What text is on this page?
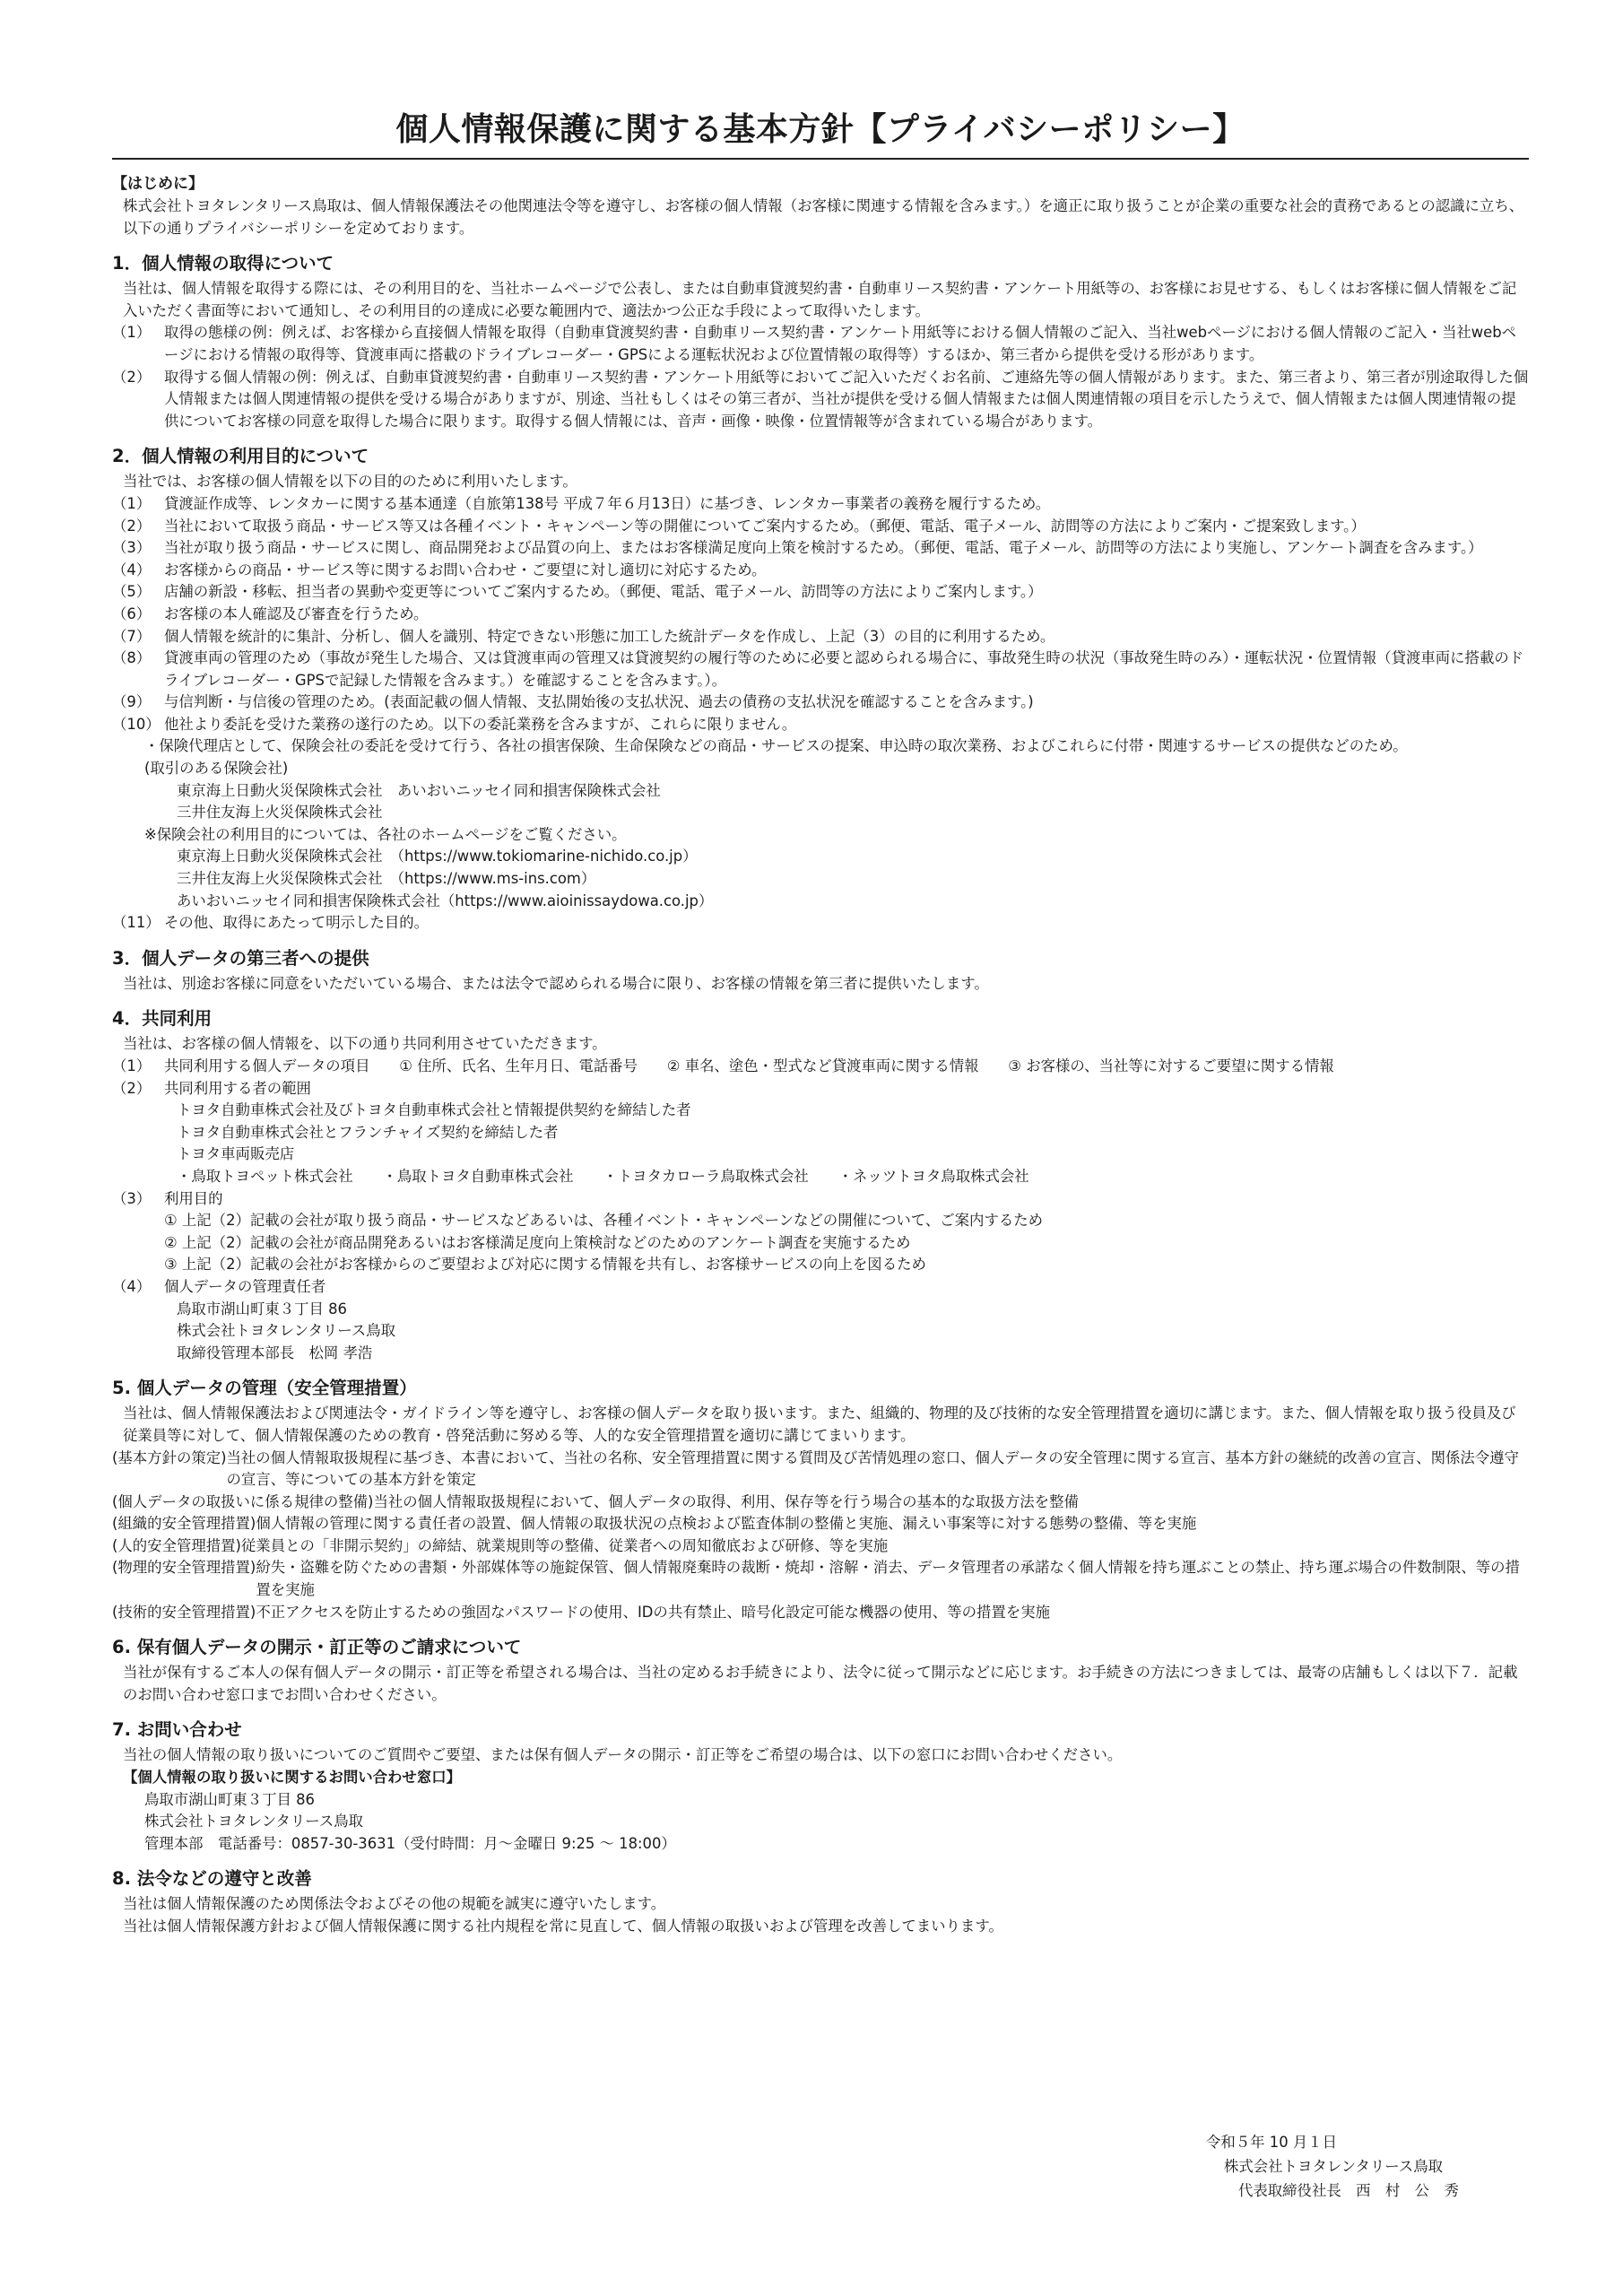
個人情報保護に関する基本方針【プライバシーポリシー】

【はじめに】

株式会社トヨタレンタリース鳥取は、個人情報保護法その他関連法令等を遵守し、お客様の個人情報（お客様に関連する情報を含みます。）を適正に取り扱うことが企業の重要な社会的責務であるとの認識に立ち、以下の通りプライバシーポリシーを定めております。

1．個人情報の取得について

当社は、個人情報を取得する際には、その利用目的を、当社ホームページで公表し、または自動車貸渡契約書・自動車リース契約書・アンケート用紙等の、お客様にお見せする、もしくはお客様に個人情報をご記入いただく書面等において通知し、その利用目的の達成に必要な範囲内で、適法かつ公正な手段によって取得いたします。

（1） 取得の態様の例：例えば、お客様から直接個人情報を取得（自動車貸渡契約書・自動車リース契約書・アンケート用紙等における個人情報のご記入、当社webページにおける個人情報のご記入・当社webページにおける情報の取得等、貸渡車両に搭載のドライブレコーダー・GPSによる運転状況および位置情報の取得等）するほか、第三者から提供を受ける形があります。
（2） 取得する個人情報の例：例えば、自動車貸渡契約書・自動車リース契約書・アンケート用紙等においてご記入いただくお名前、ご連絡先等の個人情報があります。また、第三者より、第三者が別途取得した個人情報または個人関連情報の提供を受ける場合がありますが、別途、当社もしくはその第三者が、当社が提供を受ける個人情報または個人関連情報の項目を示したうえで、個人情報または個人関連情報の提供についてお客様の同意を取得した場合に限ります。取得する個人情報には、音声・画像・映像・位置情報等が含まれている場合があります。
2．個人情報の利用目的について

当社では、お客様の個人情報を以下の目的のために利用いたします。

（1） 貸渡証作成等、レンタカーに関する基本通達（自旅第138号 平成７年６月13日）に基づき、レンタカー事業者の義務を履行するため。
（2） 当社において取扱う商品・サービス等又は各種イベント・キャンペーン等の開催についてご案内するため。（郵便、電話、電子メール、訪問等の方法によりご案内・ご提案致します。）
（3） 当社が取り扱う商品・サービスに関し、商品開発および品質の向上、またはお客様満足度向上策を検討するため。（郵便、電話、電子メール、訪問等の方法により実施し、アンケート調査を含みます。）
（4） お客様からの商品・サービス等に関するお問い合わせ・ご要望に対し適切に対応するため。
（5） 店舗の新設・移転、担当者の異動や変更等についてご案内するため。（郵便、電話、電子メール、訪問等の方法によりご案内します。）
（6） お客様の本人確認及び審査を行うため。
（7） 個人情報を統計的に集計、分析し、個人を識別、特定できない形態に加工した統計データを作成し、上記（3）の目的に利用するため。
（8） 貸渡車両の管理のため（事故が発生した場合、又は貸渡車両の管理又は貸渡契約の履行等のために必要と認められる場合に、事故発生時の状況（事故発生時のみ）・運転状況・位置情報（貸渡車両に搭載のドライブレコーダー・GPSで記録した情報を含みます。）を確認することを含みます。）。
（9） 与信判断・与信後の管理のため。(表面記載の個人情報、支払開始後の支払状況、過去の債務の支払状況を確認することを含みます。)
（10） 他社より委託を受けた業務の遂行のため。以下の委託業務を含みますが、これらに限りません。

・保険代理店として、保険会社の委託を受けて行う、各社の損害保険、生命保険などの商品・サービスの提案、申込時の取次業務、およびこれらに付帯・関連するサービスの提供などのため。

(取引のある保険会社)

東京海上日動火災保険株式会社　あいおいニッセイ同和損害保険株式会社

三井住友海上火災保険株式会社

※保険会社の利用目的については、各社のホームページをご覧ください。

東京海上日動火災保険株式会社　（https://www.tokiomarine-nichido.co.jp）

三井住友海上火災保険株式会社　（https://www.ms-ins.com）

あいおいニッセイ同和損害保険株式会社（https://www.aioinissaydowa.co.jp）

（11） その他、取得にあたって明示した目的。
3．個人データの第三者への提供

当社は、別途お客様に同意をいただいている場合、または法令で認められる場合に限り、お客様の情報を第三者に提供いたします。

4．共同利用

当社は、お客様の個人情報を、以下の通り共同利用させていただきます。

（1） 共同利用する個人データの項目　　① 住所、氏名、生年月日、電話番号　　② 車名、塗色・型式など貸渡車両に関する情報　　③ お客様の、当社等に対するご要望に関する情報
（2） 共同利用する者の範囲

トヨタ自動車株式会社及びトヨタ自動車株式会社と情報提供契約を締結した者

トヨタ自動車株式会社とフランチャイズ契約を締結した者

トヨタ車両販売店

・鳥取トヨペット株式会社　　・鳥取トヨタ自動車株式会社　　・トヨタカローラ鳥取株式会社　　・ネッツトヨタ鳥取株式会社

（3） 利用目的

① 上記（2）記載の会社が取り扱う商品・サービスなどあるいは、各種イベント・キャンペーンなどの開催について、ご案内するため

② 上記（2）記載の会社が商品開発あるいはお客様満足度向上策検討などのためのアンケート調査を実施するため

③ 上記（2）記載の会社がお客様からのご要望および対応に関する情報を共有し、お客様サービスの向上を図るため

（4） 個人データの管理責任者

鳥取市湖山町東３丁目 86

株式会社トヨタレンタリース鳥取

取締役管理本部長　松岡 孝浩

5. 個人データの管理（安全管理措置）

当社は、個人情報保護法および関連法令・ガイドライン等を遵守し、お客様の個人データを取り扱います。また、組織的、物理的及び技術的な安全管理措置を適切に講じます。また、個人情報を取り扱う役員及び従業員等に対して、個人情報保護のための教育・啓発活動に努める等、人的な安全管理措置を適切に講じてまいります。

(基本方針の策定) 当社の個人情報取扱規程に基づき、本書において、当社の名称、安全管理措置に関する質問及び苦情処理の窓口、個人データの安全管理に関する宣言、基本方針の継続的改善の宣言、関係法令遵守の宣言、等についての基本方針を策定
(個人データの取扱いに係る規律の整備) 当社の個人情報取扱規程において、個人データの取得、利用、保存等を行う場合の基本的な取扱方法を整備
(組織的安全管理措置) 個人情報の管理に関する責任者の設置、個人情報の取扱状況の点検および監査体制の整備と実施、漏えい事案等に対する態勢の整備、等を実施
(人的安全管理措置) 従業員との「非開示契約」の締結、就業規則等の整備、従業者への周知徹底および研修、等を実施
(物理的安全管理措置) 紛失・盗難を防ぐための書類・外部媒体等の施錠保管、個人情報廃棄時の裁断・焼却・溶解・消去、データ管理者の承諾なく個人情報を持ち運ぶことの禁止、持ち運ぶ場合の件数制限、等の措置を実施
(技術的安全管理措置) 不正アクセスを防止するための強固なパスワードの使用、IDの共有禁止、暗号化設定可能な機器の使用、等の措置を実施
6. 保有個人データの開示・訂正等のご請求について

当社が保有するご本人の保有個人データの開示・訂正等を希望される場合は、当社の定めるお手続きにより、法令に従って開示などに応じます。お手続きの方法につきましては、最寄の店舗もしくは以下７．記載のお問い合わせ窓口までお問い合わせください。

7. お問い合わせ

当社の個人情報の取り扱いについてのご質問やご要望、または保有個人データの開示・訂正等をご希望の場合は、以下の窓口にお問い合わせください。

【個人情報の取り扱いに関するお問い合わせ窓口】

鳥取市湖山町東３丁目 86

株式会社トヨタレンタリース鳥取

管理本部　電話番号：0857-30-3631（受付時間：月～金曜日 9:25 ～ 18:00）

8. 法令などの遵守と改善

当社は個人情報保護のため関係法令およびその他の規範を誠実に遵守いたします。

当社は個人情報保護方針および個人情報保護に関する社内規程を常に見直して、個人情報の取扱いおよび管理を改善してまいります。

令和５年 10 月１日

株式会社トヨタレンタリース鳥取

代表取締役社長　西　村　公　秀
